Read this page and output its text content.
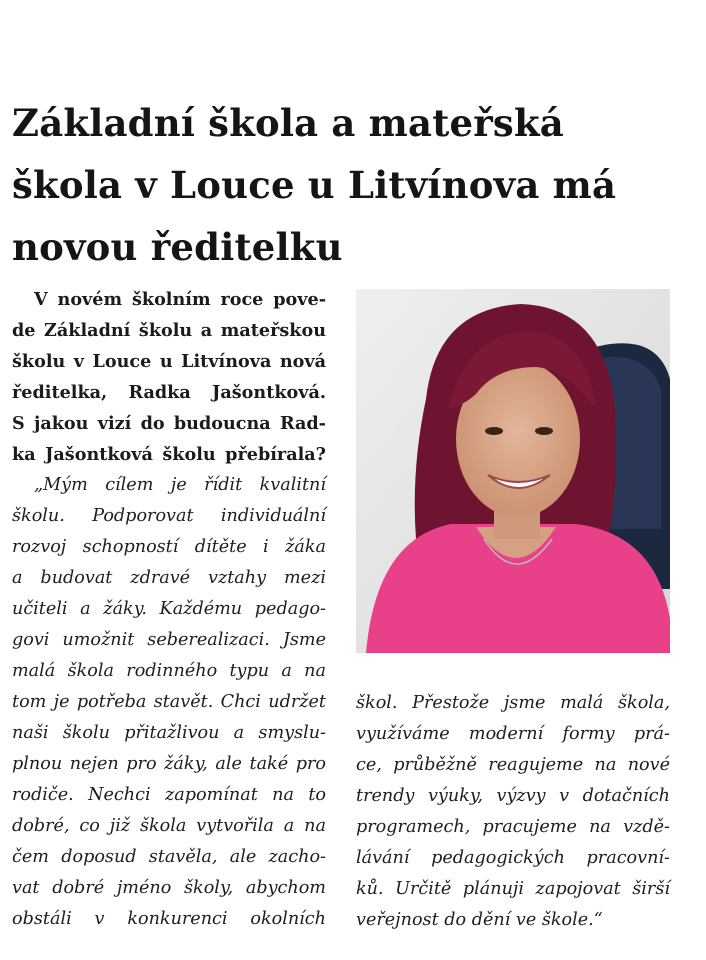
Základní škola a mateřská
škola v Louce u Litvínova má
novou ředitelku
V novém školním roce pove-
de Základní školu a mateřskou
školu v Louce u Litvínova nová
ředitelka, Radka Jašontková.
S jakou vizí do budoucna Rad-
ka Jašontková školu přebírala?
„Mým cílem je řídit kvalitní
školu. Podporovat individuální
rozvoj schopností dítěte i žáka
a budovat zdravé vztahy mezi
učiteli a žáky. Každému pedago-
govi umožnit seberealizaci. Jsme
malá škola rodinného typu a na
tom je potřeba stavět. Chci udržet
naši školu přitažlivou a smyslu-
plnou nejen pro žáky, ale také pro
rodiče. Nechci zapomínat na to
dobré, co již škola vytvořila a na
čem doposud stavěla, ale zacho-
vat dobré jméno školy, abychom
obstáli v konkurenci okolních
škol. Přestože jsme malá škola,
využíváme moderní formy prá-
ce, průběžně reagujeme na nové
trendy výuky, výzvy v dotačních
programech, pracujeme na vzdě-
lávání pedagogických pracovní-
ků. Určitě plánuji zapojovat širší
veřejnost do dění ve škole.“
